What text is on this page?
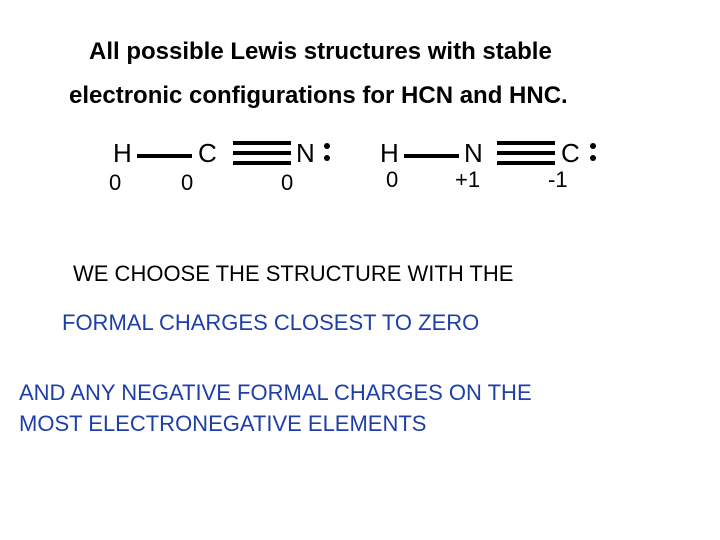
All possible Lewis structures with stable
electronic configurations for HCN and HNC.
H	C	N
0	0	0
H	N	C
0	+1	-1
WE CHOOSE THE STRUCTURE WITH THE
FORMAL CHARGES CLOSEST TO ZERO
AND ANY NEGATIVE FORMAL CHARGES ON THE
MOST ELECTRONEGATIVE ELEMENTS
